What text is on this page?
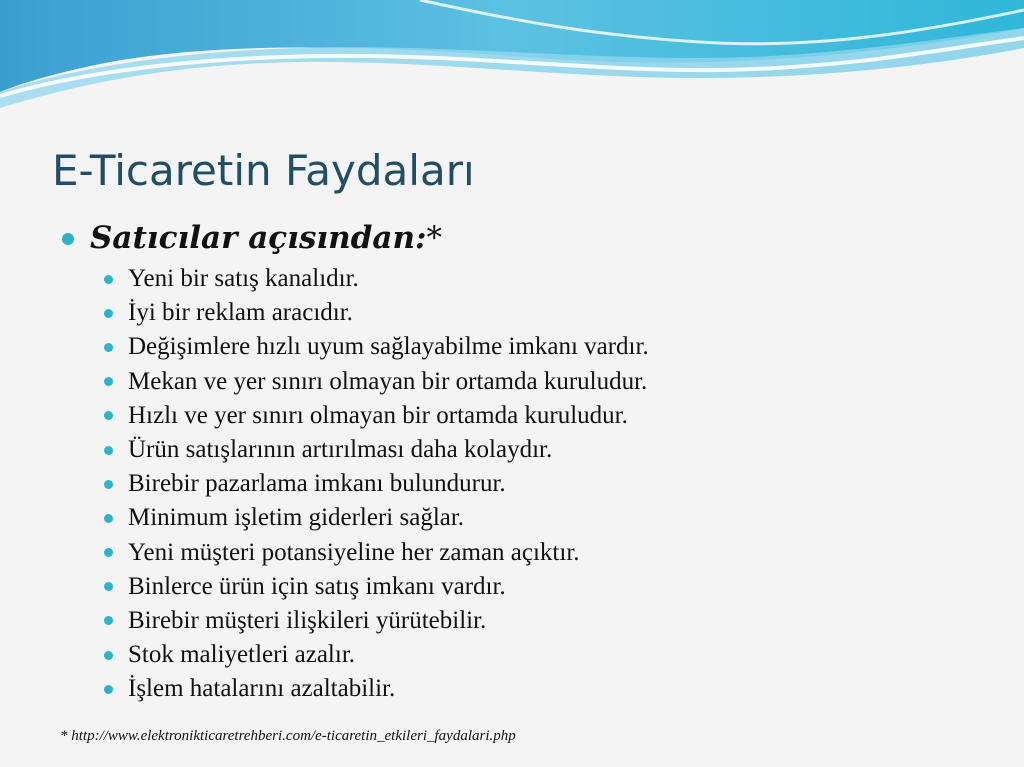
E-Ticaretin Faydaları
Satıcılar açısından: *
Yeni bir satış kanalıdır.
İyi bir reklam aracıdır.
Değişimlere hızlı uyum sağlayabilme imkanı vardır.
Mekan ve yer sınırı olmayan bir ortamda kuruludur.
Hızlı ve yer sınırı olmayan bir ortamda kuruludur.
Ürün satışlarının artırılması daha kolaydır.
Birebir pazarlama imkanı bulundurur.
Minimum işletim giderleri sağlar.
Yeni müşteri potansiyeline her zaman açıktır.
Binlerce ürün için satış imkanı vardır.
Birebir müşteri ilişkileri yürütebilir.
Stok maliyetleri azalır.
İşlem hatalarını azaltabilir.
* http://www.elektronikticaretrehberi.com/e-ticaretin_etkileri_faydalari.php
